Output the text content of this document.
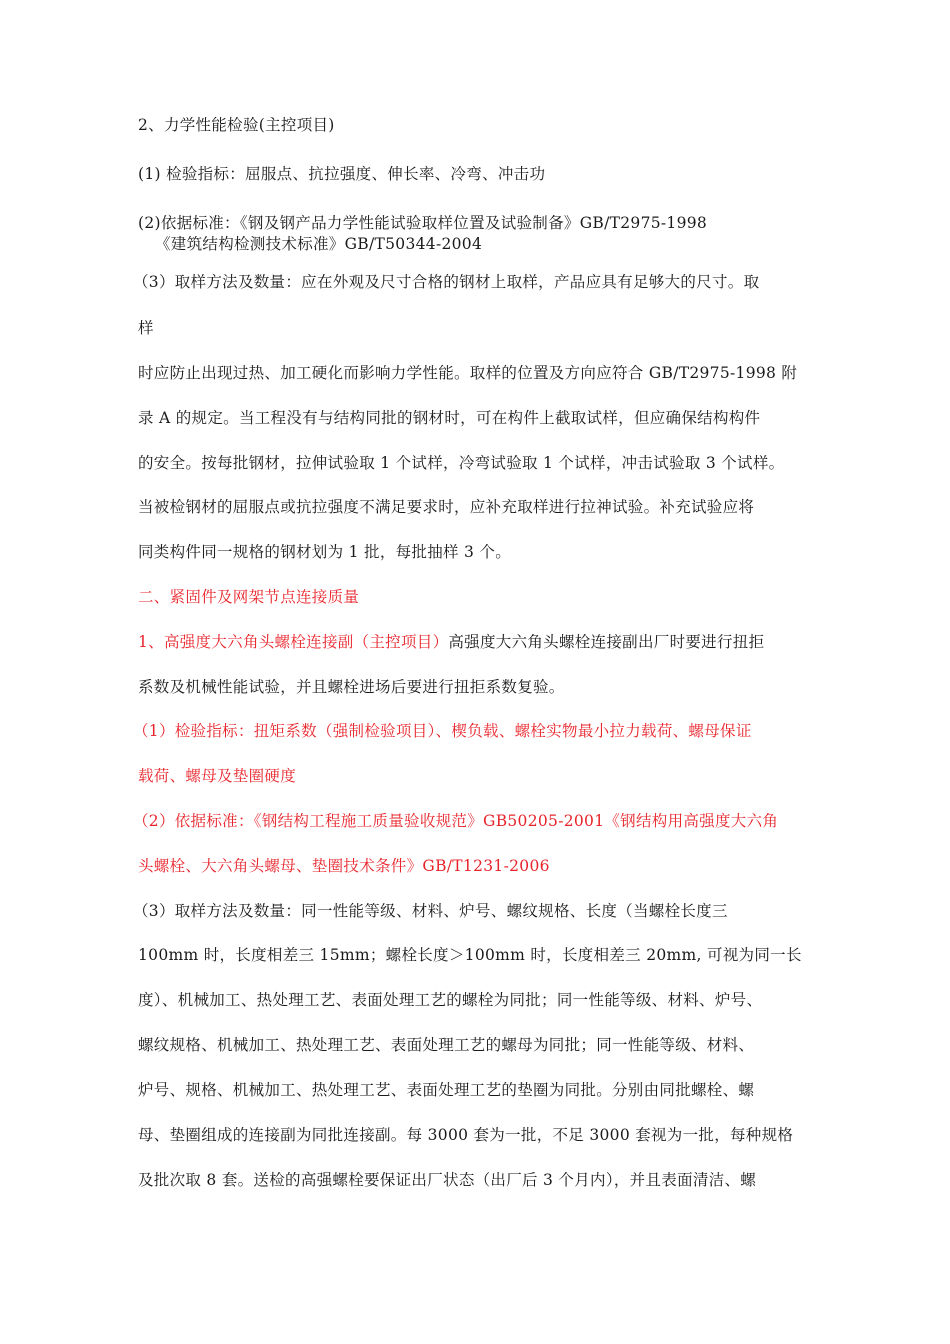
2、力学性能检验(主控项目)
(1) 检验指标：屈服点、抗拉强度、伸长率、冷弯、冲击功
(2)依据标准：《钢及钢产品力学性能试验取样位置及试验制备》GB/T2975-1998
《建筑结构检测技术标准》GB/T50344-2004
（3）取样方法及数量：应在外观及尺寸合格的钢材上取样，产品应具有足够大的尺寸。取
样
时应防止出现过热、加工硬化而影响力学性能。取样的位置及方向应符合 GB/T2975-1998 附
录 A 的规定。当工程没有与结构同批的钢材时，可在构件上截取试样，但应确保结构构件
的安全。按每批钢材，拉伸试验取 1 个试样，冷弯试验取 1 个试样，冲击试验取 3 个试样。
当被检钢材的屈服点或抗拉强度不满足要求时，应补充取样进行拉神试验。补充试验应将
同类构件同一规格的钢材划为 1 批，每批抽样 3 个。
二、紧固件及网架节点连接质量
1、高强度大六角头螺栓连接副（主控项目）高强度大六角头螺栓连接副出厂时要进行扭拒
系数及机械性能试验，并且螺栓进场后要进行扭拒系数复验。
（1）检验指标：扭矩系数（强制检验项目）、楔负载、螺栓实物最小拉力载荷、螺母保证
载荷、螺母及垫圈硬度
（2）依据标准：《钢结构工程施工质量验收规范》GB50205-2001《钢结构用高强度大六角
头螺栓、大六角头螺母、垫圈技术条件》GB/T1231-2006
（3）取样方法及数量：同一性能等级、材料、炉号、螺纹规格、长度（当螺栓长度三
100mm 时，长度相差三 15mm；螺栓长度＞100mm 时，长度相差三 20mm, 可视为同一长
度）、机械加工、热处理工艺、表面处理工艺的螺栓为同批；同一性能等级、材料、炉号、
螺纹规格、机械加工、热处理工艺、表面处理工艺的螺母为同批；同一性能等级、材料、
炉号、规格、机械加工、热处理工艺、表面处理工艺的垫圈为同批。分别由同批螺栓、螺
母、垫圈组成的连接副为同批连接副。每 3000 套为一批，不足 3000 套视为一批，每种规格
及批次取 8 套。送检的高强螺栓要保证出厂状态（出厂后 3 个月内），并且表面清洁、螺
